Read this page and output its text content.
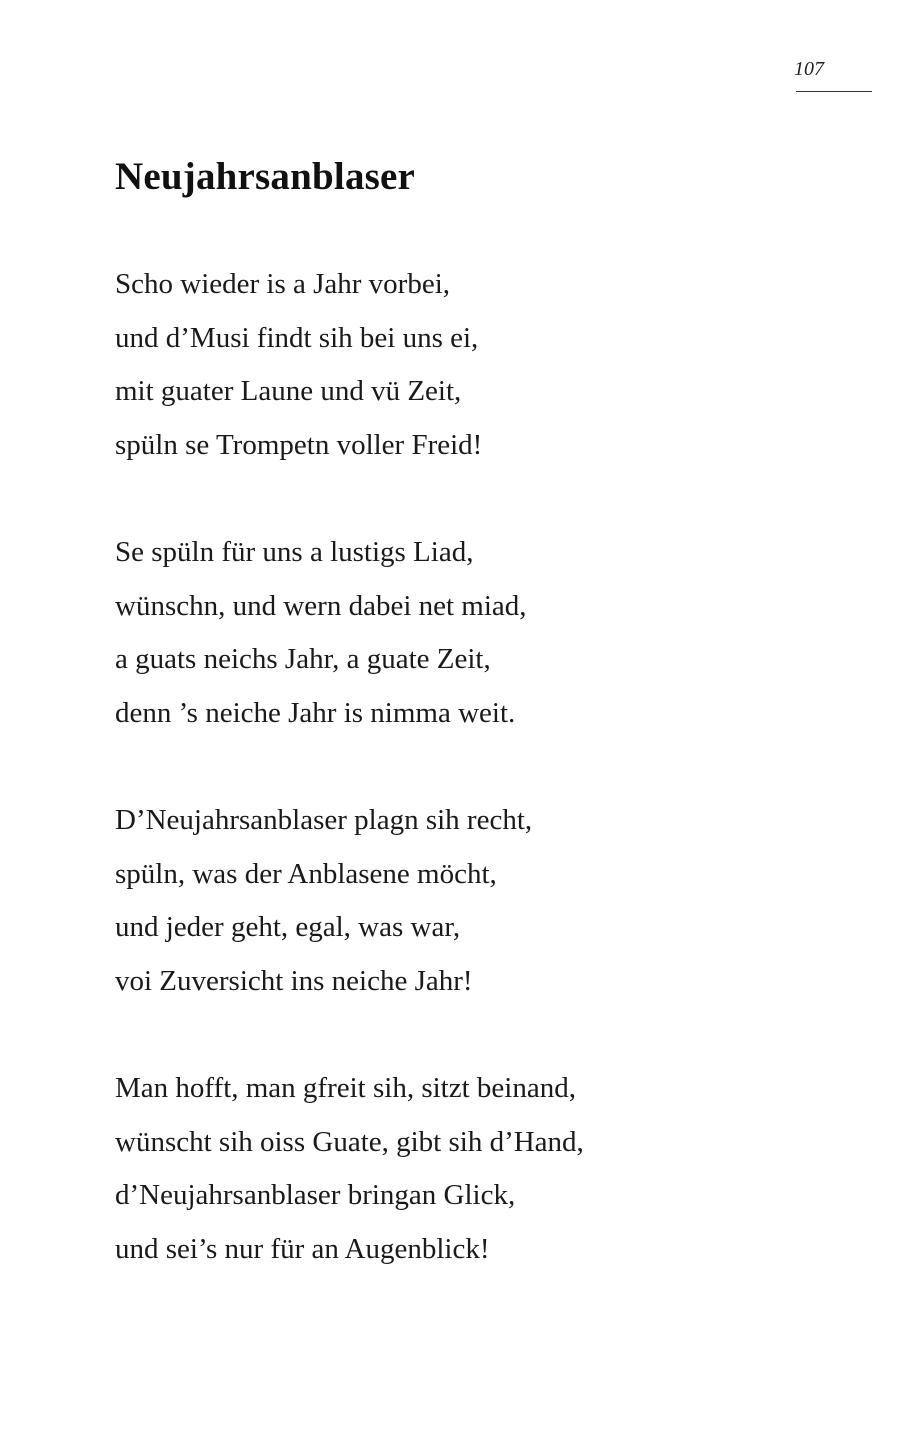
107
Neujahrsanblaser
Scho wieder is a Jahr vorbei,
und d’Musi findt sih bei uns ei,
mit guater Laune und vü Zeit,
spüln se Trompetn voller Freid!
Se spüln für uns a lustigs Liad,
wünschn, und wern dabei net miad,
a guats neichs Jahr, a guate Zeit,
denn ’s neiche Jahr is nimma weit.
D’Neujahrsanblaser plagn sih recht,
spüln, was der Anblasene möcht,
und jeder geht, egal, was war,
voi Zuversicht ins neiche Jahr!
Man hofft, man gfreit sih, sitzt beinand,
wünscht sih oiss Guate, gibt sih d’Hand,
d’Neujahrsanblaser bringan Glick,
und sei’s nur für an Augenblick!
